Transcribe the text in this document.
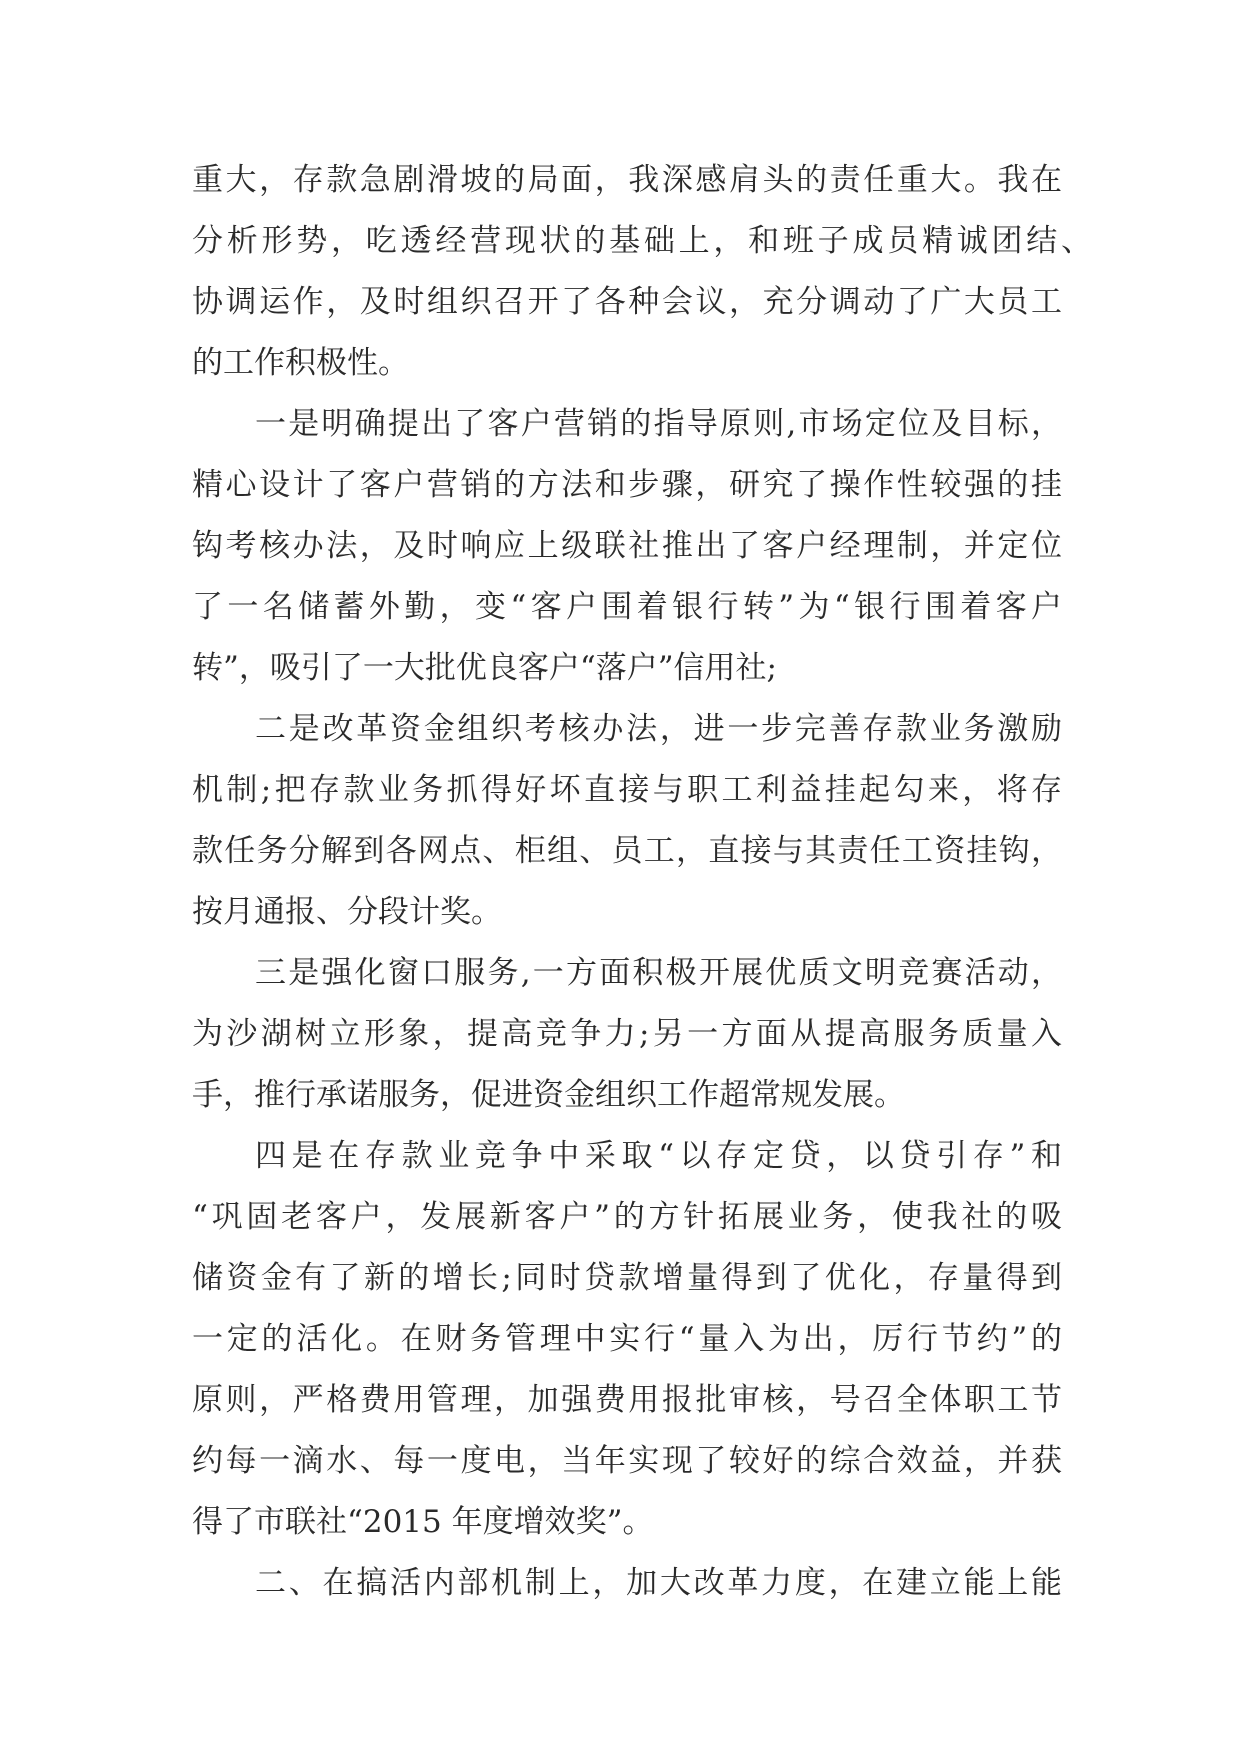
重大，存款急剧滑坡的局面，我深感肩头的责任重大。我在
分析形势，吃透经营现状的基础上，和班子成员精诚团结、
协调运作，及时组织召开了各种会议，充分调动了广大员工
的工作积极性。
一是明确提出了客户营销的指导原则,市场定位及目标，
精心设计了客户营销的方法和步骤，研究了操作性较强的挂
钩考核办法，及时响应上级联社推出了客户经理制，并定位
了一名储蓄外勤，变“客户围着银行转”为“银行围着客户
转”，吸引了一大批优良客户“落户”信用社;
二是改革资金组织考核办法，进一步完善存款业务激励
机制;把存款业务抓得好坏直接与职工利益挂起勾来，将存
款任务分解到各网点、柜组、员工，直接与其责任工资挂钩，
按月通报、分段计奖。
三是强化窗口服务,一方面积极开展优质文明竞赛活动，
为沙湖树立形象，提高竞争力;另一方面从提高服务质量入
手，推行承诺服务，促进资金组织工作超常规发展。
四是在存款业竞争中采取“以存定贷，以贷引存”和
“巩固老客户，发展新客户”的方针拓展业务，使我社的吸
储资金有了新的增长;同时贷款增量得到了优化，存量得到
一定的活化。在财务管理中实行“量入为出，厉行节约”的
原则，严格费用管理，加强费用报批审核，号召全体职工节
约每一滴水、每一度电，当年实现了较好的综合效益，并获
得了市联社“2015 年度增效奖”。
二、在搞活内部机制上，加大改革力度，在建立能上能
